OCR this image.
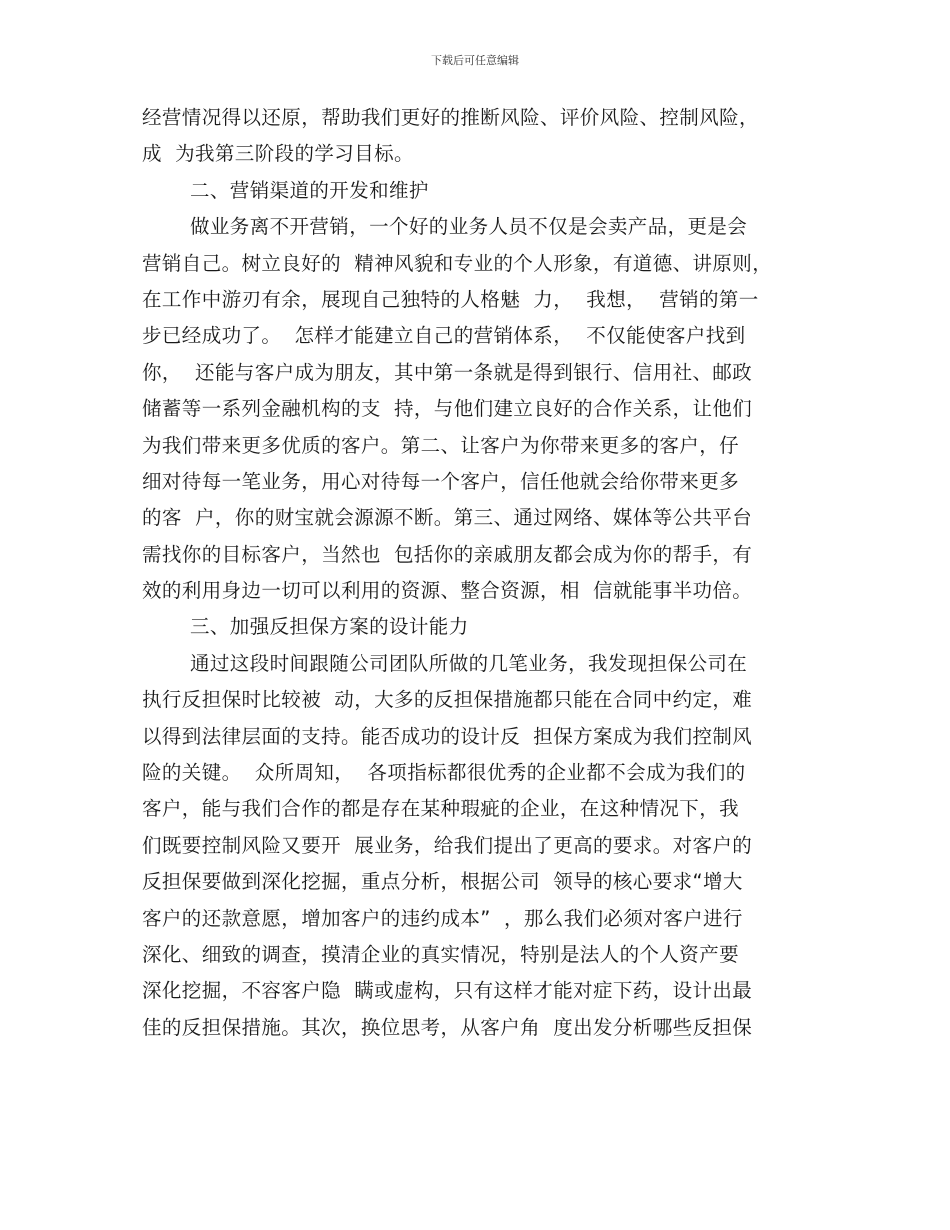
下载后可任意编辑
经营情况得以还原，帮助我们更好的推断风险、评价风险、控制风险，
成  为我第三阶段的学习目标。
二、营销渠道的开发和维护
做业务离不开营销，一个好的业务人员不仅是会卖产品，更是会
营销自己。树立良好的  精神风貌和专业的个人形象，有道德、讲原则，
在工作中游刃有余，展现自己独特的人格魅  力，  我想，  营销的第一
步已经成功了。  怎样才能建立自己的营销体系，  不仅能使客户找到
你，  还能与客户成为朋友，其中第一条就是得到银行、信用社、邮政
储蓄等一系列金融机构的支  持，与他们建立良好的合作关系，让他们
为我们带来更多优质的客户。第二、让客户为你带来更多的客户，仔
细对待每一笔业务，用心对待每一个客户，信任他就会给你带来更多
的客  户，你的财宝就会源源不断。第三、通过网络、媒体等公共平台
需找你的目标客户，当然也  包括你的亲戚朋友都会成为你的帮手，有
效的利用身边一切可以利用的资源、整合资源，相  信就能事半功倍。
三、加强反担保方案的设计能力
通过这段时间跟随公司团队所做的几笔业务，我发现担保公司在
执行反担保时比较被  动，大多的反担保措施都只能在合同中约定，难
以得到法律层面的支持。能否成功的设计反  担保方案成为我们控制风
险的关键。  众所周知，  各项指标都很优秀的企业都不会成为我们的
客户，能与我们合作的都是存在某种瑕疵的企业，在这种情况下，我
们既要控制风险又要开  展业务，给我们提出了更高的要求。对客户的
反担保要做到深化挖掘，重点分析，根据公司  领导的核心要求“增大
客户的还款意愿，增加客户的违约成本”  ，那么我们必须对客户进行
深化、细致的调查，摸清企业的真实情况，特别是法人的个人资产要
深化挖掘，不容客户隐  瞒或虚构，只有这样才能对症下药，设计出最
佳的反担保措施。其次，换位思考，从客户角  度出发分析哪些反担保
